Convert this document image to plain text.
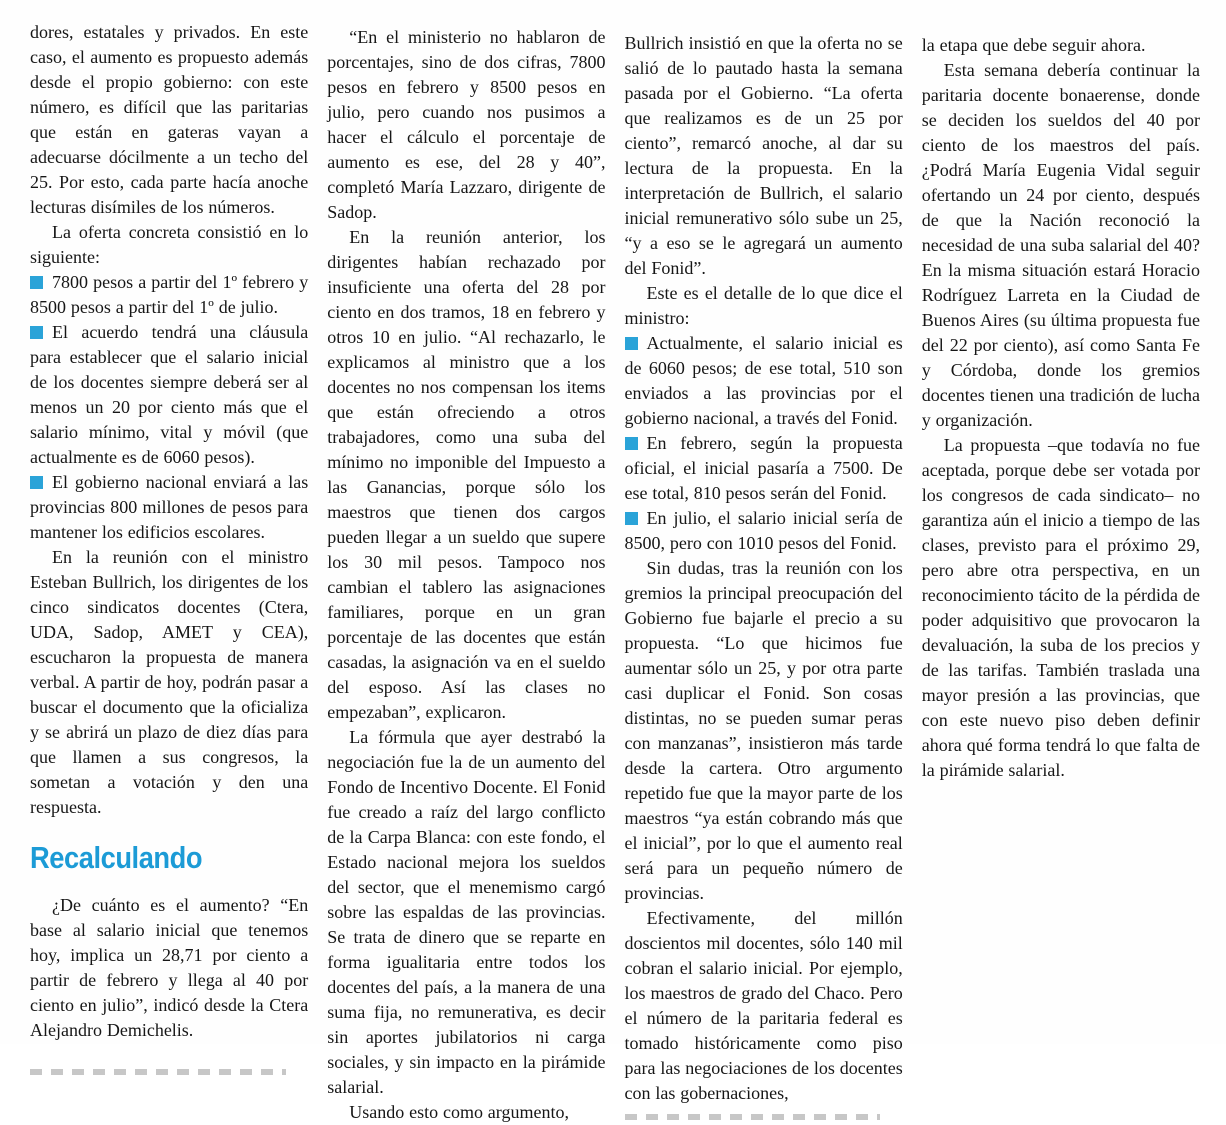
dores, estatales y privados. En este caso, el aumento es propuesto además desde el propio gobierno: con este número, es difícil que las paritarias que están en gateras vayan a adecuarse dócilmente a un techo del 25. Por esto, cada parte hacía anoche lecturas disímiles de los números.

La oferta concreta consistió en lo siguiente:

7800 pesos a partir del 1º febrero y 8500 pesos a partir del 1º de julio.

El acuerdo tendrá una cláusula para establecer que el salario inicial de los docentes siempre deberá ser al menos un 20 por ciento más que el salario mínimo, vital y móvil (que actualmente es de 6060 pesos).

El gobierno nacional enviará a las provincias 800 millones de pesos para mantener los edificios escolares.

En la reunión con el ministro Esteban Bullrich, los dirigentes de los cinco sindicatos docentes (Ctera, UDA, Sadop, AMET y CEA), escucharon la propuesta de manera verbal. A partir de hoy, podrán pasar a buscar el documento que la oficializa y se abrirá un plazo de diez días para que llamen a sus congresos, la sometan a votación y den una respuesta.

Recalculando

¿De cuánto es el aumento? “En base al salario inicial que tenemos hoy, implica un 28,71 por ciento a partir de febrero y llega al 40 por ciento en julio”, indicó desde la Ctera Alejandro Demichelis.

“En el ministerio no hablaron de porcentajes, sino de dos cifras, 7800 pesos en febrero y 8500 pesos en julio, pero cuando nos pusimos a hacer el cálculo el porcentaje de aumento es ese, del 28 y 40”, completó María Lazzaro, dirigente de Sadop.

En la reunión anterior, los dirigentes habían rechazado por insuficiente una oferta del 28 por ciento en dos tramos, 18 en febrero y otros 10 en julio. “Al rechazarlo, le explicamos al ministro que a los docentes no nos compensan los items que están ofreciendo a otros trabajadores, como una suba del mínimo no imponible del Impuesto a las Ganancias, porque sólo los maestros que tienen dos cargos pueden llegar a un sueldo que supere los 30 mil pesos. Tampoco nos cambian el tablero las asignaciones familiares, porque en un gran porcentaje de las docentes que están casadas, la asignación va en el sueldo del esposo. Así las clases no empezaban”, explicaron.

La fórmula que ayer destrabó la negociación fue la de un aumento del Fondo de Incentivo Docente. El Fonid fue creado a raíz del largo conflicto de la Carpa Blanca: con este fondo, el Estado nacional mejora los sueldos del sector, que el menemismo cargó sobre las espaldas de las provincias. Se trata de dinero que se reparte en forma igualitaria entre todos los docentes del país, a la manera de una suma fija, no remunerativa, es decir sin aportes jubilatorios ni carga sociales, y sin impacto en la pirámide salarial.

Usando esto como argumento,

Bullrich insistió en que la oferta no se salió de lo pautado hasta la semana pasada por el Gobierno. “La oferta que realizamos es de un 25 por ciento”, remarcó anoche, al dar su lectura de la propuesta. En la interpretación de Bullrich, el salario inicial remunerativo sólo sube un 25, “y a eso se le agregará un aumento del Fonid”.

Este es el detalle de lo que dice el ministro:

Actualmente, el salario inicial es de 6060 pesos; de ese total, 510 son enviados a las provincias por el gobierno nacional, a través del Fonid.

En febrero, según la propuesta oficial, el inicial pasaría a 7500. De ese total, 810 pesos serán del Fonid.

En julio, el salario inicial sería de 8500, pero con 1010 pesos del Fonid.

Sin dudas, tras la reunión con los gremios la principal preocupación del Gobierno fue bajarle el precio a su propuesta. “Lo que hicimos fue aumentar sólo un 25, y por otra parte casi duplicar el Fonid. Son cosas distintas, no se pueden sumar peras con manzanas”, insistieron más tarde desde la cartera. Otro argumento repetido fue que la mayor parte de los maestros “ya están cobrando más que el inicial”, por lo que el aumento real será para un pequeño número de provincias.

Efectivamente, del millón doscientos mil docentes, sólo 140 mil cobran el salario inicial. Por ejemplo, los maestros de grado del Chaco. Pero el número de la paritaria federal es tomado históricamente como piso para las negociaciones de los docentes con las gobernaciones,

la etapa que debe seguir ahora.

Esta semana debería continuar la paritaria docente bonaerense, donde se deciden los sueldos del 40 por ciento de los maestros del país. ¿Podrá María Eugenia Vidal seguir ofertando un 24 por ciento, después de que la Nación reconoció la necesidad de una suba salarial del 40? En la misma situación estará Horacio Rodríguez Larreta en la Ciudad de Buenos Aires (su última propuesta fue del 22 por ciento), así como Santa Fe y Córdoba, donde los gremios docentes tienen una tradición de lucha y organización.

La propuesta –que todavía no fue aceptada, porque debe ser votada por los congresos de cada sindicato– no garantiza aún el inicio a tiempo de las clases, previsto para el próximo 29, pero abre otra perspectiva, en un reconocimiento tácito de la pérdida de poder adquisitivo que provocaron la devaluación, la suba de los precios y de las tarifas. También traslada una mayor presión a las provincias, que con este nuevo piso deben definir ahora qué forma tendrá lo que falta de la pirámide salarial.
